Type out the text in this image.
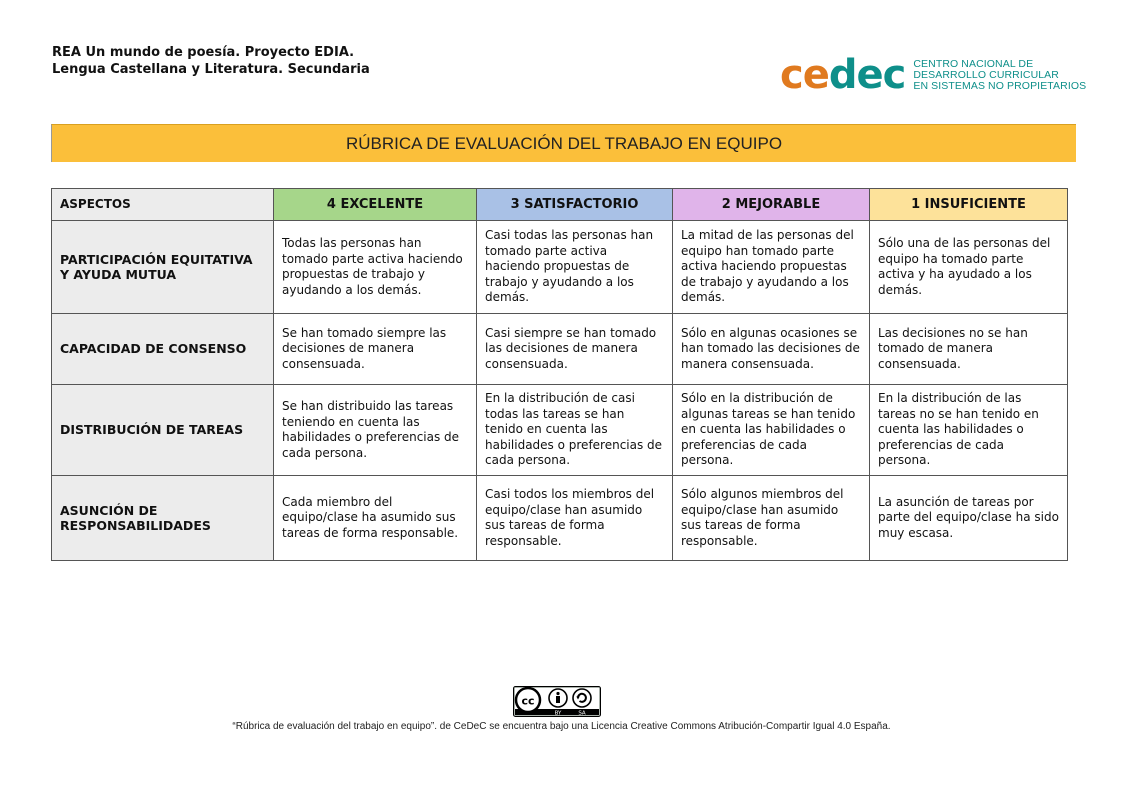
REA Un mundo de poesía. Proyecto EDIA.
Lengua Castellana y Literatura. Secundaria	cedec CENTRO NACIONAL DE
DESARROLLO CURRICULAR
EN SISTEMAS NO PROPIETARIOS
RÚBRICA DE EVALUACIÓN DEL TRABAJO EN EQUIPO
ASPECTOS	4 EXCELENTE	3 SATISFACTORIO	2 MEJORABLE	1 INSUFICIENTE
PARTICIPACIÓN EQUITATIVA Y AYUDA MUTUA	Todas las personas han tomado parte activa haciendo propuestas de trabajo y ayudando a los demás.	Casi todas las personas han tomado parte activa haciendo propuestas de trabajo y ayudando a los demás.	La mitad de las personas del equipo han tomado parte activa haciendo propuestas de trabajo y ayudando a los demás.	Sólo una de las personas del equipo ha tomado parte activa y ha ayudado a los demás.
CAPACIDAD DE CONSENSO	Se han tomado siempre las decisiones de manera consensuada.	Casi siempre se han tomado las decisiones de manera consensuada.	Sólo en algunas ocasiones se han tomado las decisiones de manera consensuada.	Las decisiones no se han tomado de manera consensuada.
DISTRIBUCIÓN DE TAREAS	Se han distribuido las tareas teniendo en cuenta las habilidades o preferencias de cada persona.	En la distribución de casi todas las tareas se han tenido en cuenta las habilidades o preferencias de cada persona.	Sólo en la distribución de algunas tareas se han tenido en cuenta las habilidades o preferencias de cada persona.	En la distribución de las tareas no se han tenido en cuenta las habilidades o preferencias de cada persona.
ASUNCIÓN DE RESPONSABILIDADES	Cada miembro del equipo/clase ha asumido sus tareas de forma responsable.	Casi todos los miembros del equipo/clase han asumido sus tareas de forma responsable.	Sólo algunos miembros del equipo/clase han asumido sus tareas de forma responsable.	La asunción de tareas por parte del equipo/clase ha sido muy escasa.
cc
BY	SA
“Rúbrica de evaluación del trabajo en equipo”. de CeDeC se encuentra bajo una Licencia Creative Commons Atribución-Compartir Igual 4.0 España.
